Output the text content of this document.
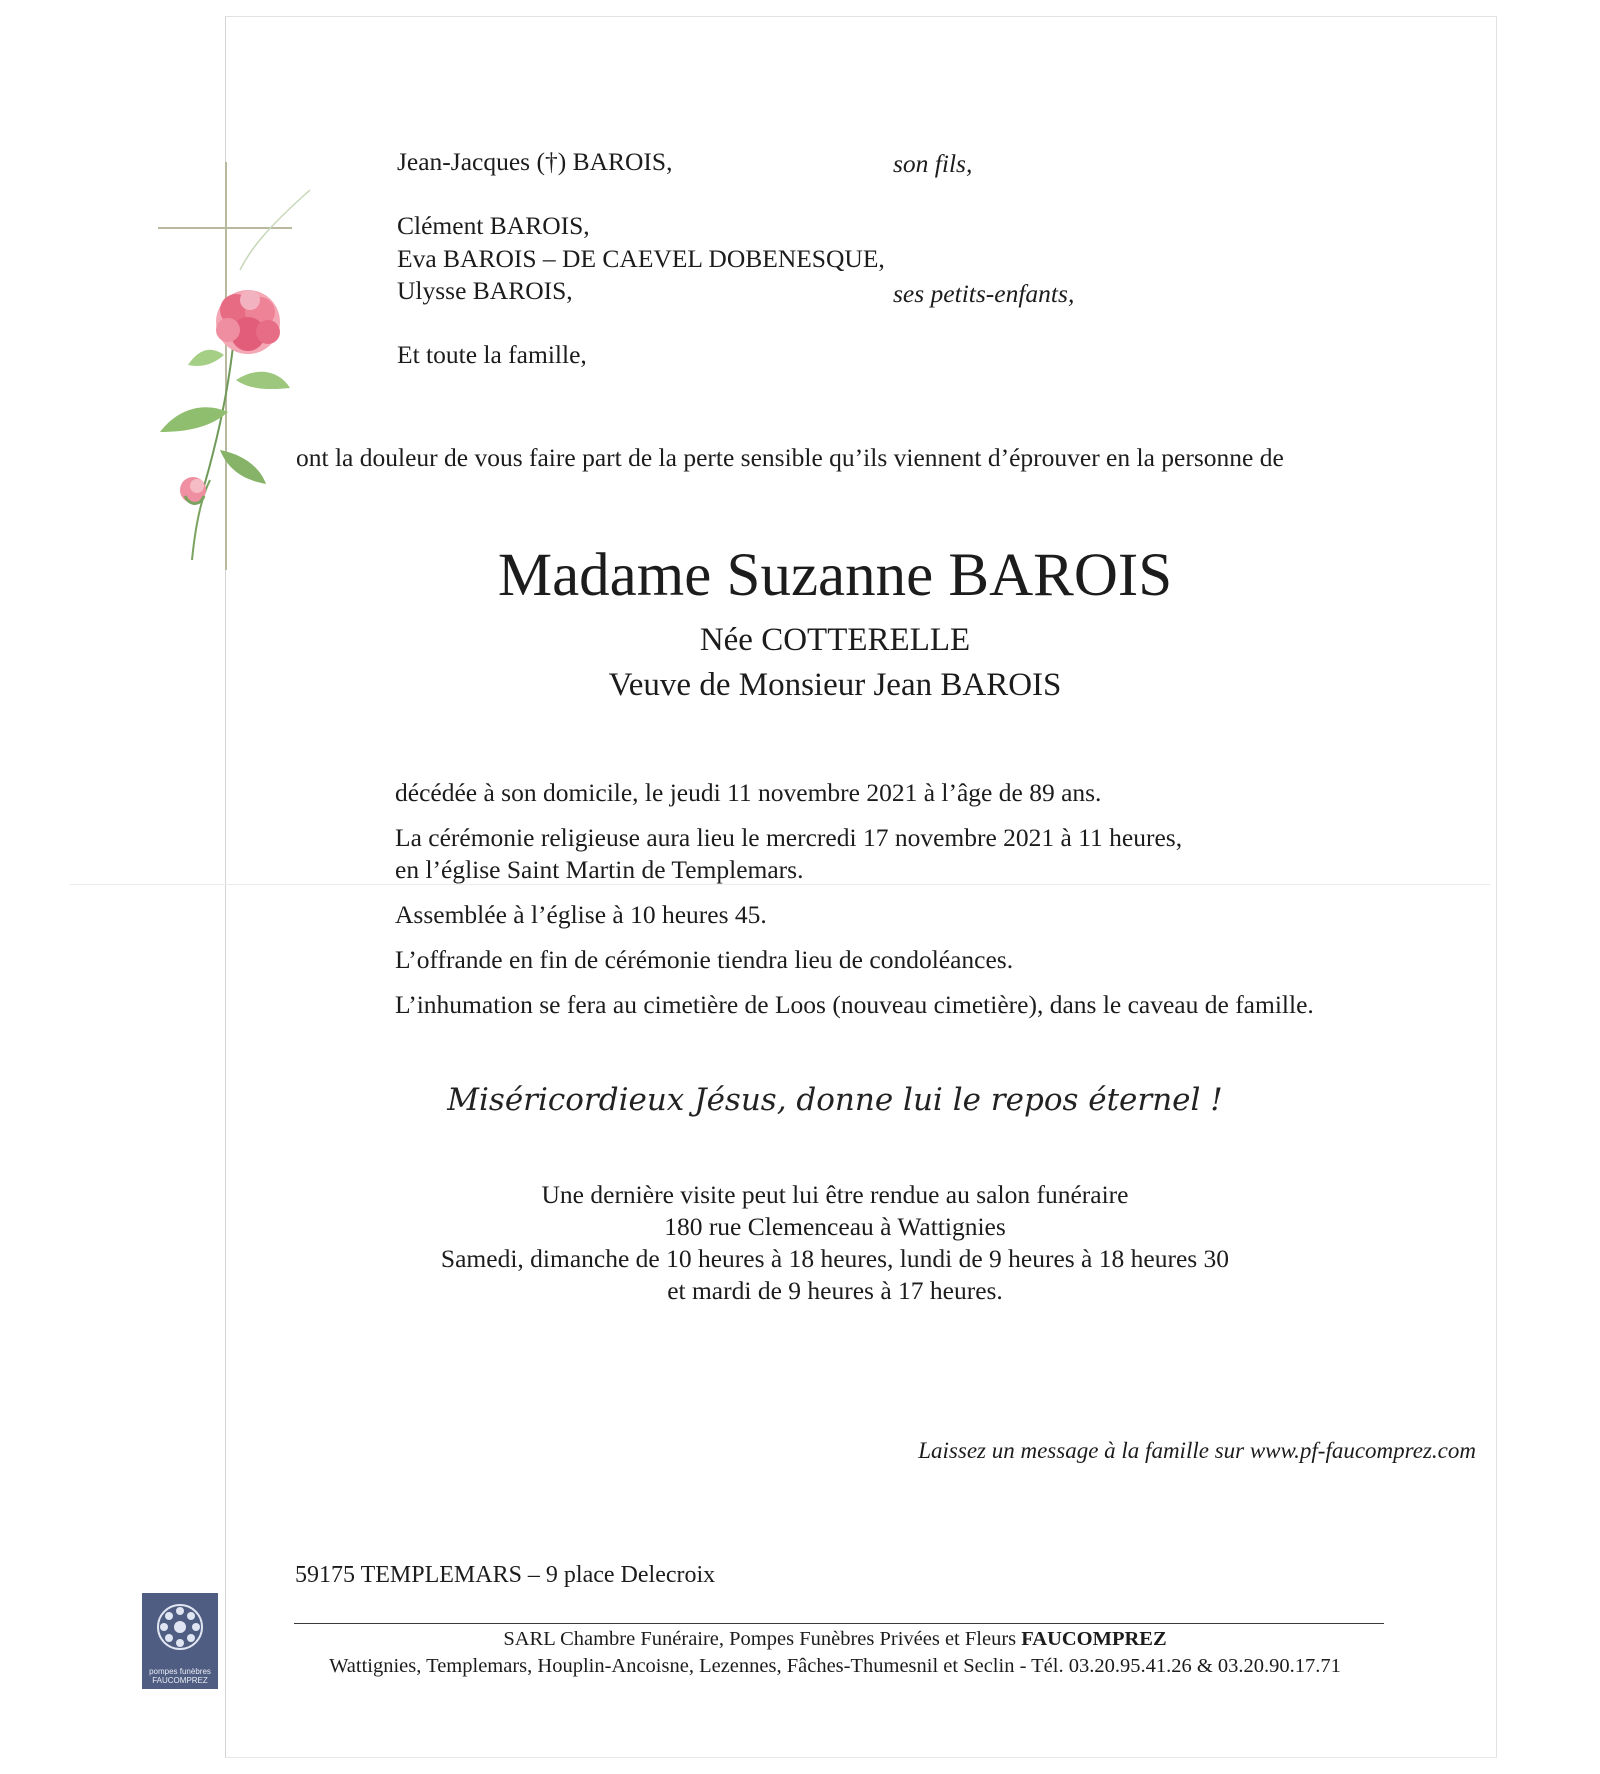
Jean-Jacques (†) BAROIS,	son fils,
Clément BAROIS,
Eva BAROIS – DE CAEVEL DOBENESQUE,
Ulysse BAROIS,	ses petits-enfants,
Et toute la famille,
ont la douleur de vous faire part de la perte sensible qu’ils viennent d’éprouver en la personne de
Madame Suzanne BAROIS
Née COTTERELLE
Veuve de Monsieur Jean BAROIS
décédée à son domicile, le jeudi 11 novembre 2021 à l’âge de 89 ans.
La cérémonie religieuse aura lieu le mercredi 17 novembre 2021 à 11 heures,
en l’église Saint Martin de Templemars.
Assemblée à l’église à 10 heures 45.
L’offrande en fin de cérémonie tiendra lieu de condoléances.
L’inhumation se fera au cimetière de Loos (nouveau cimetière), dans le caveau de famille.
Miséricordieux Jésus, donne lui le repos éternel !
Une dernière visite peut lui être rendue au salon funéraire
180 rue Clemenceau à Wattignies
Samedi, dimanche de 10 heures à 18 heures, lundi de 9 heures à 18 heures 30
et mardi de 9 heures à 17 heures.
Laissez un message à la famille sur www.pf-faucomprez.com
59175 TEMPLEMARS – 9 place Delecroix
SARL Chambre Funéraire, Pompes Funèbres Privées et Fleurs FAUCOMPREZ
Wattignies, Templemars, Houplin-Ancoisne, Lezennes, Fâches-Thumesnil et Seclin - Tél. 03.20.95.41.26 & 03.20.90.17.71
pompes funèbres
FAUCOMPREZ
